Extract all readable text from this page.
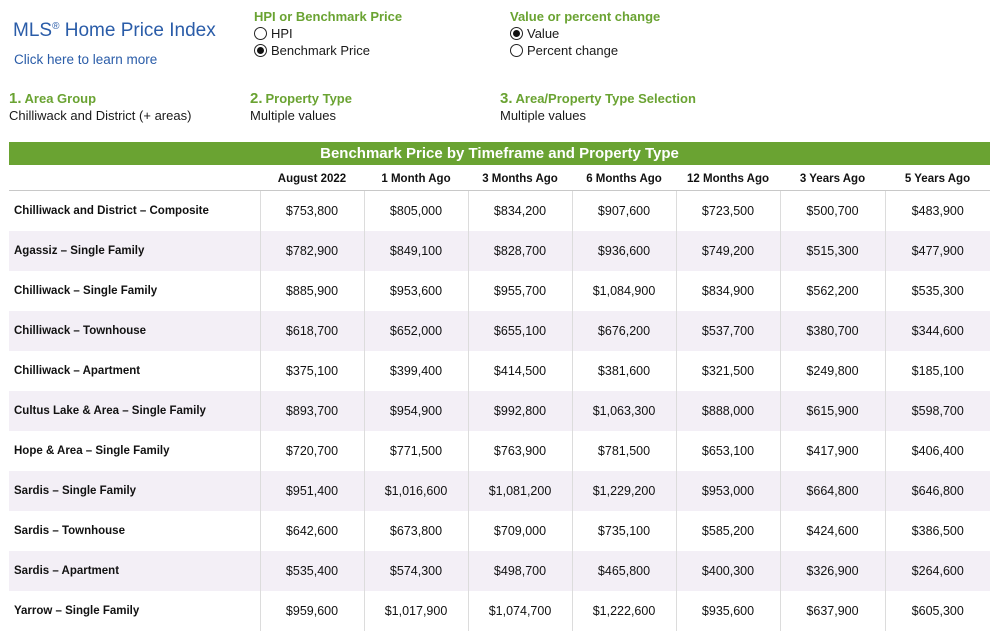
MLS® Home Price Index
Click here to learn more
HPI or Benchmark Price
HPI
Benchmark Price
Value or percent change
Value
Percent change
1. Area Group
Chilliwack and District (+ areas)
2. Property Type
Multiple values
3. Area/Property Type Selection
Multiple values
Benchmark Price by Timeframe and Property Type
	August 2022	1 Month Ago	3 Months Ago	6 Months Ago	12 Months Ago	3 Years Ago	5 Years Ago
Chilliwack and District – Composite	$753,800	$805,000	$834,200	$907,600	$723,500	$500,700	$483,900
Agassiz – Single Family	$782,900	$849,100	$828,700	$936,600	$749,200	$515,300	$477,900
Chilliwack – Single Family	$885,900	$953,600	$955,700	$1,084,900	$834,900	$562,200	$535,300
Chilliwack – Townhouse	$618,700	$652,000	$655,100	$676,200	$537,700	$380,700	$344,600
Chilliwack – Apartment	$375,100	$399,400	$414,500	$381,600	$321,500	$249,800	$185,100
Cultus Lake & Area – Single Family	$893,700	$954,900	$992,800	$1,063,300	$888,000	$615,900	$598,700
Hope & Area – Single Family	$720,700	$771,500	$763,900	$781,500	$653,100	$417,900	$406,400
Sardis – Single Family	$951,400	$1,016,600	$1,081,200	$1,229,200	$953,000	$664,800	$646,800
Sardis – Townhouse	$642,600	$673,800	$709,000	$735,100	$585,200	$424,600	$386,500
Sardis – Apartment	$535,400	$574,300	$498,700	$465,800	$400,300	$326,900	$264,600
Yarrow – Single Family	$959,600	$1,017,900	$1,074,700	$1,222,600	$935,600	$637,900	$605,300
